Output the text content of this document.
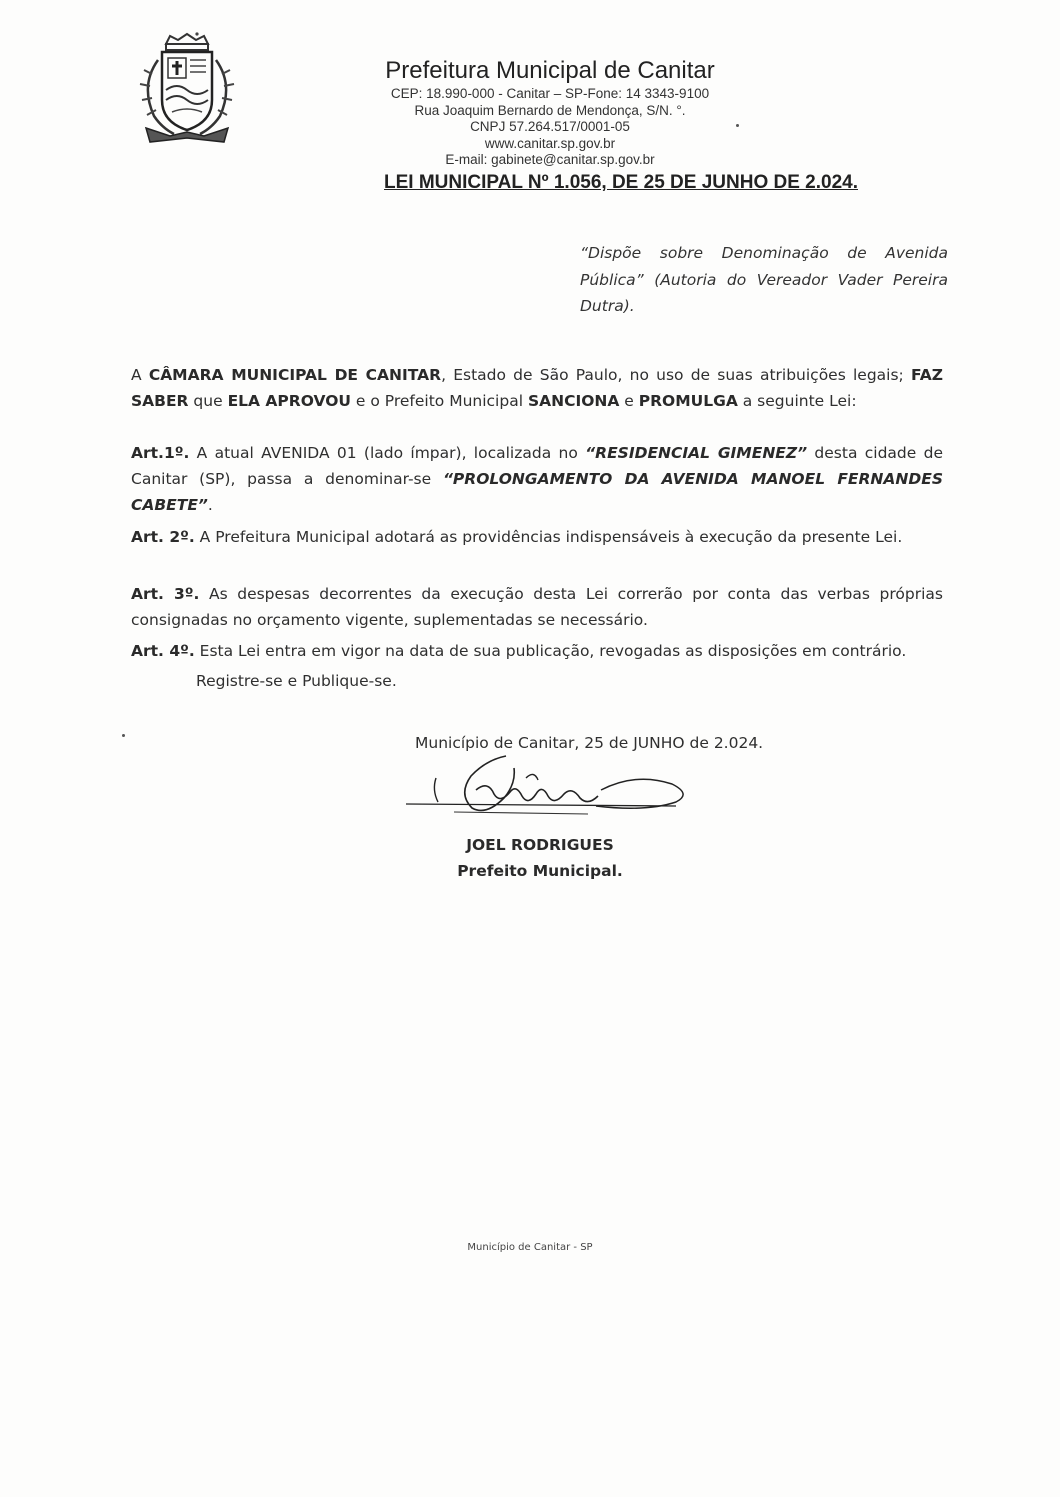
Prefeitura Municipal de Canitar

CEP: 18.990-000 - Canitar – SP-Fone: 14 3343-9100

Rua Joaquim Bernardo de Mendonça, S/N. °.

CNPJ 57.264.517/0001-05

www.canitar.sp.gov.br

E-mail: gabinete@canitar.sp.gov.br

LEI MUNICIPAL Nº 1.056, DE 25 DE JUNHO DE 2.024.
“Dispõe sobre Denominação de Avenida Pública” (Autoria do Vereador Vader Pereira Dutra).
A CÂMARA MUNICIPAL DE CANITAR, Estado de São Paulo, no uso de suas atribuições legais; FAZ SABER que ELA APROVOU e o Prefeito Municipal SANCIONA e PROMULGA a seguinte Lei:
Art.1º. A atual AVENIDA 01 (lado ímpar), localizada no “RESIDENCIAL GIMENEZ” desta cidade de Canitar (SP), passa a denominar-se “PROLONGAMENTO DA AVENIDA MANOEL FERNANDES CABETE”.
Art. 2º. A Prefeitura Municipal adotará as providências indispensáveis à execução da presente Lei.
Art. 3º. As despesas decorrentes da execução desta Lei correrão por conta das verbas próprias consignadas no orçamento vigente, suplementadas se necessário.
Art. 4º. Esta Lei entra em vigor na data de sua publicação, revogadas as disposições em contrário.
Registre-se e Publique-se.
Município de Canitar, 25 de JUNHO de 2.024.
JOEL RODRIGUES
Prefeito Municipal.
Município de Canitar - SP
